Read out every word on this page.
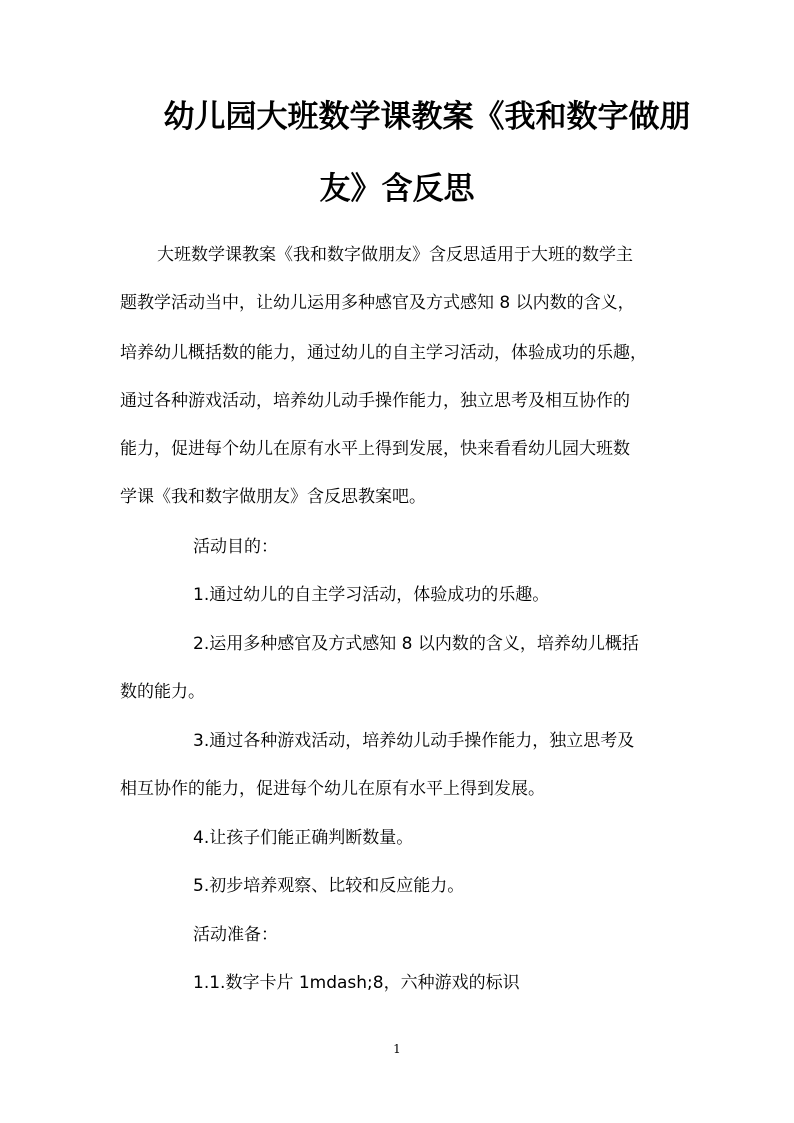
幼儿园大班数学课教案《我和数字做朋
友》含反思
大班数学课教案《我和数字做朋友》含反思适用于大班的数学主
题教学活动当中，让幼儿运用多种感官及方式感知 8 以内数的含义，
培养幼儿概括数的能力，通过幼儿的自主学习活动，体验成功的乐趣，
通过各种游戏活动，培养幼儿动手操作能力，独立思考及相互协作的
能力，促进每个幼儿在原有水平上得到发展，快来看看幼儿园大班数
学课《我和数字做朋友》含反思教案吧。
活动目的：
1.通过幼儿的自主学习活动，体验成功的乐趣。
2.运用多种感官及方式感知 8 以内数的含义，培养幼儿概括
数的能力。
3.通过各种游戏活动，培养幼儿动手操作能力，独立思考及
相互协作的能力，促进每个幼儿在原有水平上得到发展。
4.让孩子们能正确判断数量。
5.初步培养观察、比较和反应能力。
活动准备：
1.1.数字卡片 1mdash;8，六种游戏的标识
1
